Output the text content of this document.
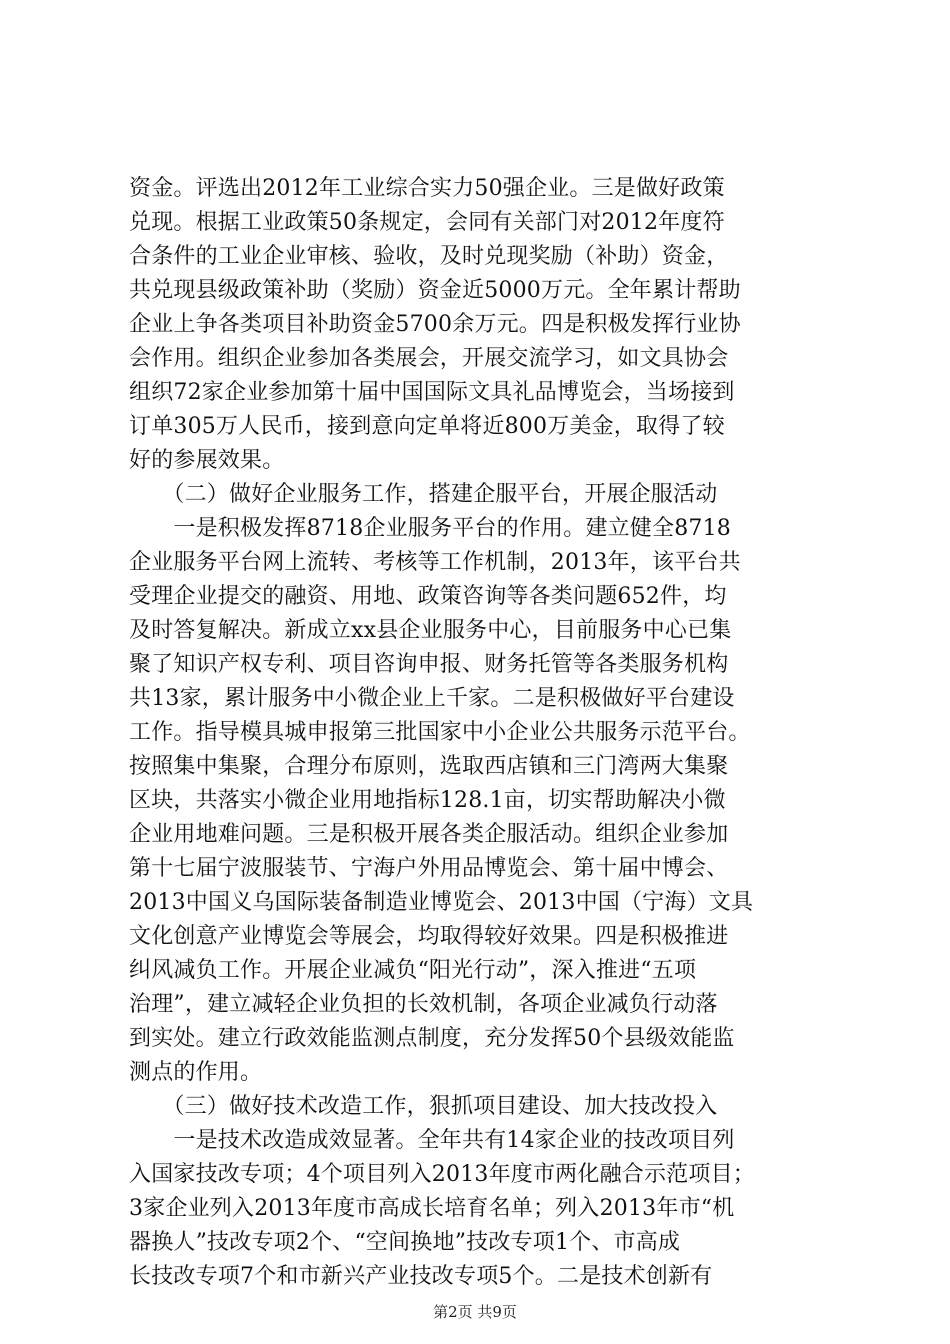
资金。评选出2012年工业综合实力50强企业。三是做好政策
兑现。根据工业政策50条规定，会同有关部门对2012年度符
合条件的工业企业审核、验收，及时兑现奖励（补助）资金，
共兑现县级政策补助（奖励）资金近5000万元。全年累计帮助
企业上争各类项目补助资金5700余万元。四是积极发挥行业协
会作用。组织企业参加各类展会，开展交流学习，如文具协会
组织72家企业参加第十届中国国际文具礼品博览会，当场接到
订单305万人民币，接到意向定单将近800万美金，取得了较
好的参展效果。
　　（二）做好企业服务工作，搭建企服平台，开展企服活动
　　一是积极发挥8718企业服务平台的作用。建立健全8718
企业服务平台网上流转、考核等工作机制，2013年，该平台共
受理企业提交的融资、用地、政策咨询等各类问题652件，均
及时答复解决。新成立xx县企业服务中心，目前服务中心已集
聚了知识产权专利、项目咨询申报、财务托管等各类服务机构
共13家，累计服务中小微企业上千家。二是积极做好平台建设
工作。指导模具城申报第三批国家中小企业公共服务示范平台。
按照集中集聚，合理分布原则，选取西店镇和三门湾两大集聚
区块，共落实小微企业用地指标128.1亩，切实帮助解决小微
企业用地难问题。三是积极开展各类企服活动。组织企业参加
第十七届宁波服装节、宁海户外用品博览会、第十届中博会、
2013中国义乌国际装备制造业博览会、2013中国（宁海）文具
文化创意产业博览会等展会，均取得较好效果。四是积极推进
纠风减负工作。开展企业减负“阳光行动”，深入推进“五项
治理”，建立减轻企业负担的长效机制，各项企业减负行动落
到实处。建立行政效能监测点制度，充分发挥50个县级效能监
测点的作用。
　　（三）做好技术改造工作，狠抓项目建设、加大技改投入
　　一是技术改造成效显著。全年共有14家企业的技改项目列
入国家技改专项；4个项目列入2013年度市两化融合示范项目；
3家企业列入2013年度市高成长培育名单；列入2013年市“机
器换人”技改专项2个、“空间换地”技改专项1个、市高成
长技改专项7个和市新兴产业技改专项5个。二是技术创新有
第2页 共9页
